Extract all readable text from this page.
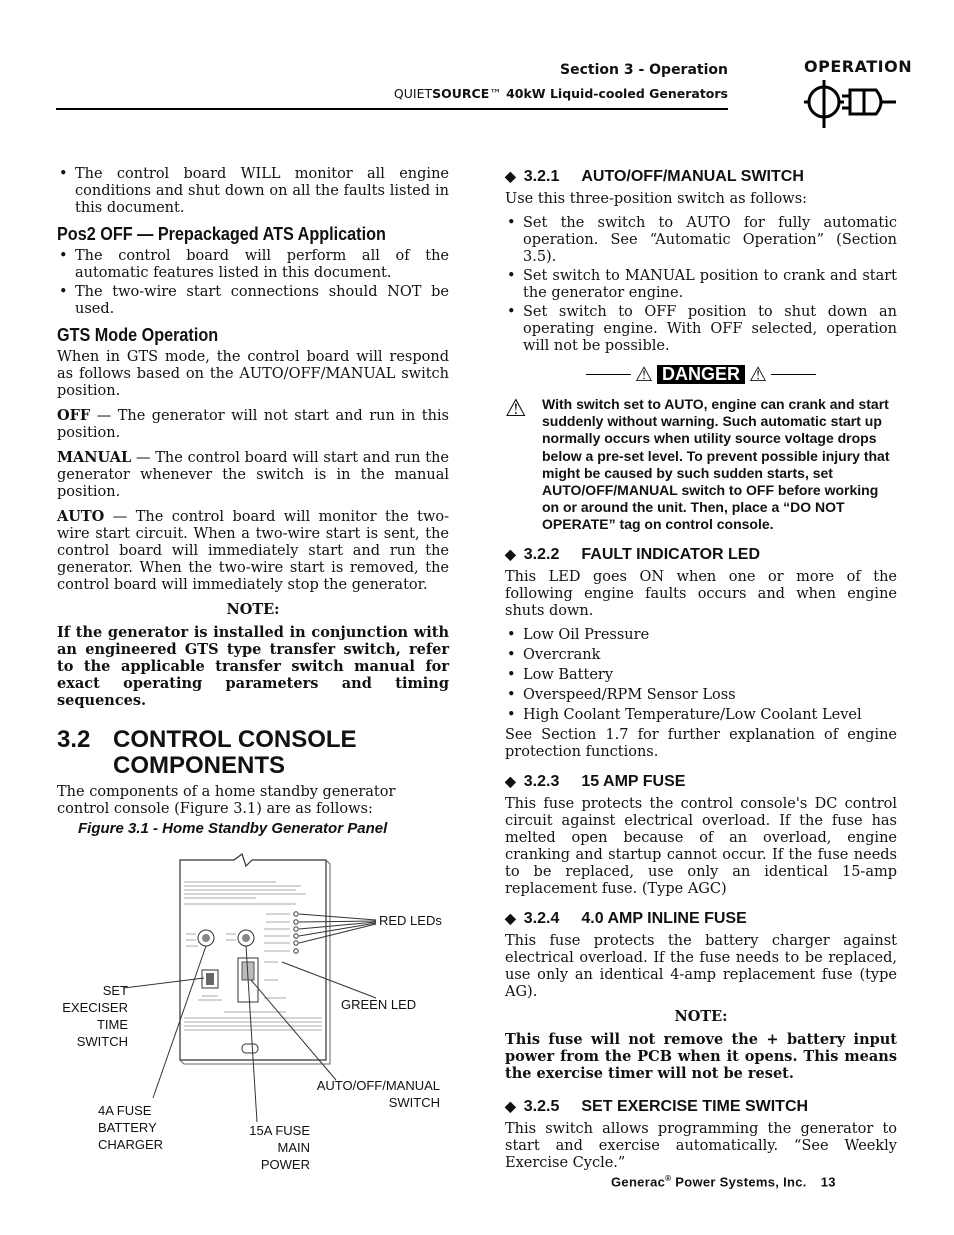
Section 3 - Operation
QUIETSOURCE™ 40kW Liquid-cooled Generators
OPERATION
• The control board WILL monitor all engine conditions and shut down on all the faults listed in this document.
Pos2 OFF — Prepackaged ATS Application
• The control board will perform all of the automatic features listed in this document.
• The two-wire start connections should NOT be used.
GTS Mode Operation

When in GTS mode, the control board will respond as follows based on the AUTO/OFF/MANUAL switch position.

OFF — The generator will not start and run in this position.

MANUAL — The control board will start and run the generator whenever the switch is in the manual position.

AUTO — The control board will monitor the two-wire start circuit. When a two-wire start is sent, the control board will immediately start and run the generator. When the two-wire start is removed, the control board will immediately stop the generator.

NOTE:

If the generator is installed in conjunction with an engineered GTS type transfer switch, refer to the applicable transfer switch manual for exact operating parameters and timing sequences.

3.2 CONTROL CONSOLE COMPONENTS

The components of a home standby generator control console (Figure 3.1) are as follows:

Figure 3.1 - Home Standby Generator Panel
RED LEDs
SET EXECISER TIME SWITCH
GREEN LED
AUTO/OFF/MANUAL SWITCH
4A FUSE BATTERY CHARGER
15A FUSE MAIN POWER
◆ 3.2.1 AUTO/OFF/MANUAL SWITCH

Use this three-position switch as follows:

• Set the switch to AUTO for fully automatic operation. See “Automatic Operation” (Section 3.5).
• Set switch to MANUAL position to crank and start the generator engine.
• Set switch to OFF position to shut down an operating engine. With OFF selected, operation will not be possible.
⚠ DANGER ⚠
⚠	With switch set to AUTO, engine can crank and start suddenly without warning. Such automatic start up normally occurs when utility source voltage drops below a pre-set level. To prevent possible injury that might be caused by such sudden starts, set AUTO/OFF/MANUAL switch to OFF before working on or around the unit. Then, place a “DO NOT OPERATE” tag on control console.
◆ 3.2.2 FAULT INDICATOR LED

This LED goes ON when one or more of the following engine faults occurs and when engine shuts down.

• Low Oil Pressure
• Overcrank
• Low Battery
• Overspeed/RPM Sensor Loss
• High Coolant Temperature/Low Coolant Level

See Section 1.7 for further explanation of engine protection functions.

◆ 3.2.3 15 AMP FUSE

This fuse protects the control console's DC control circuit against electrical overload. If the fuse has melted open because of an overload, engine cranking and startup cannot occur. If the fuse needs to be replaced, use only an identical 15-amp replacement fuse. (Type AGC)

◆ 3.2.4 4.0 AMP INLINE FUSE

This fuse protects the battery charger against electrical overload. If the fuse needs to be replaced, use only an identical 4-amp replacement fuse (type AG).

NOTE:

This fuse will not remove the + battery input power from the PCB when it opens. This means the exercise timer will not be reset.

◆ 3.2.5 SET EXERCISE TIME SWITCH

This switch allows programming the generator to start and exercise automatically. “See Weekly Exercise Cycle.”

Generac® Power Systems, Inc. 13
